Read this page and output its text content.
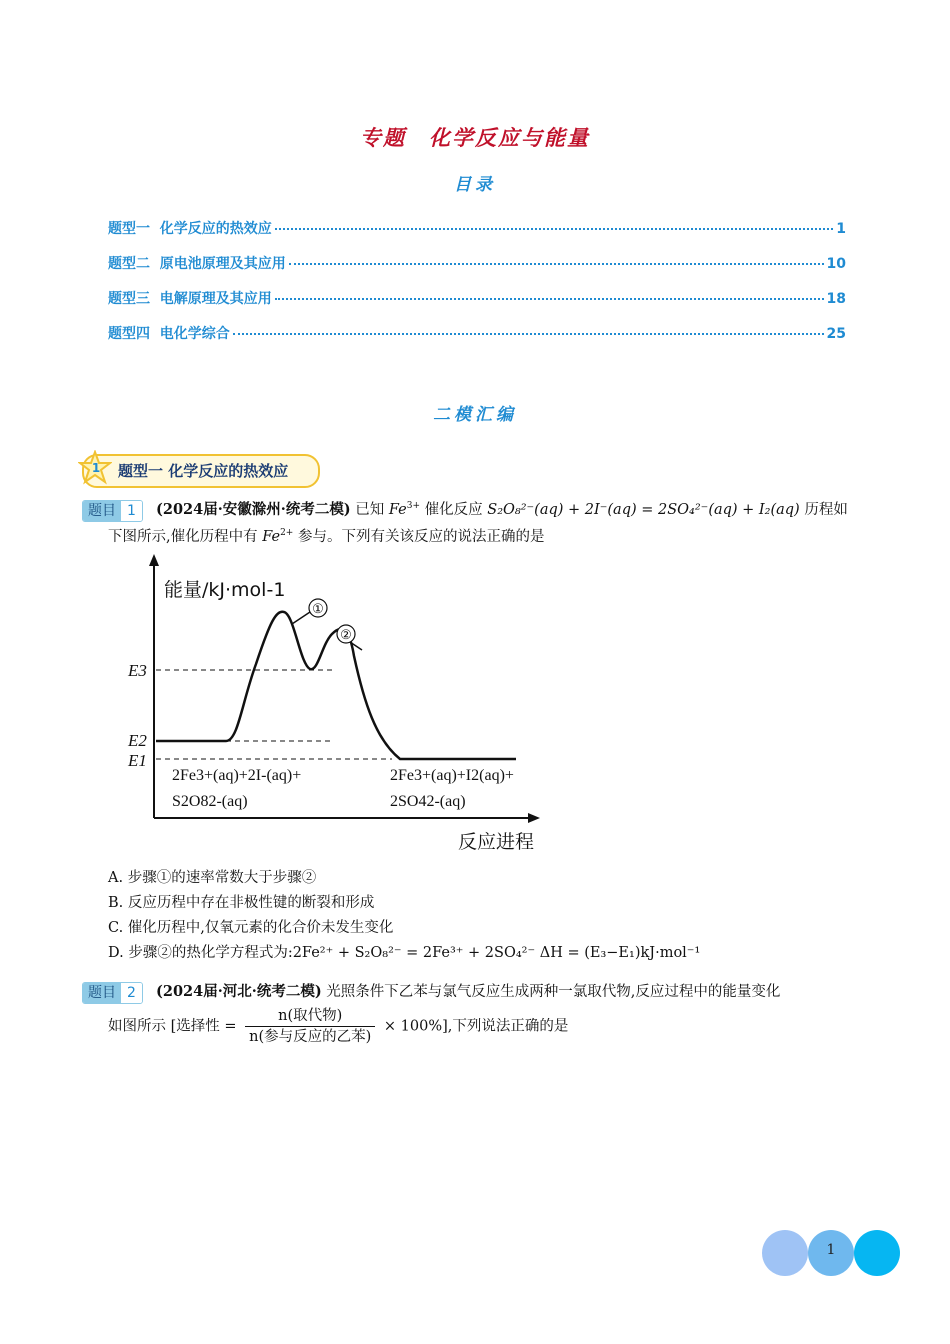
专题　化学反应与能量
目录
题型一  化学反应的热效应	1
题型二  原电池原理及其应用	10
题型三  电解原理及其应用	18
题型四  电化学综合	25
二模汇编
1 题型一 化学反应的热效应
题目 1	(2024届·安徽滁州·统考二模) 已知 $Fe^{3+}$ 催化反应 S₂O₈²⁻(aq) + 2I⁻(aq) = 2SO₄²⁻(aq) + I₂(aq) 历程如
下图所示,催化历程中有 $Fe^{2+}$ 参与。下列有关该反应的说法正确的是
能量/kJ·mol-1
反应进程
E3
E2
E1
①
②
2Fe3+(aq)+2I-(aq)+
S2O82-(aq)
2Fe3+(aq)+I2(aq)+
2SO42-(aq)
A. 步骤①的速率常数大于步骤②
B. 反应历程中存在非极性键的断裂和形成
C. 催化历程中,仅氧元素的化合价未发生变化
D. 步骤②的热化学方程式为:2Fe²⁺ + S₂O₈²⁻ = 2Fe³⁺ + 2SO₄²⁻ ΔH = (E₃−E₁)kJ·mol⁻¹
题目 2	(2024届·河北·统考二模) 光照条件下乙苯与氯气反应生成两种一氯取代物,反应过程中的能量变化
如图所示 [选择性 = $\frac{\text{n(取代物)}}{\text{n(参与反应的乙苯)}} \times 100\%$],下列说法正确的是
1
